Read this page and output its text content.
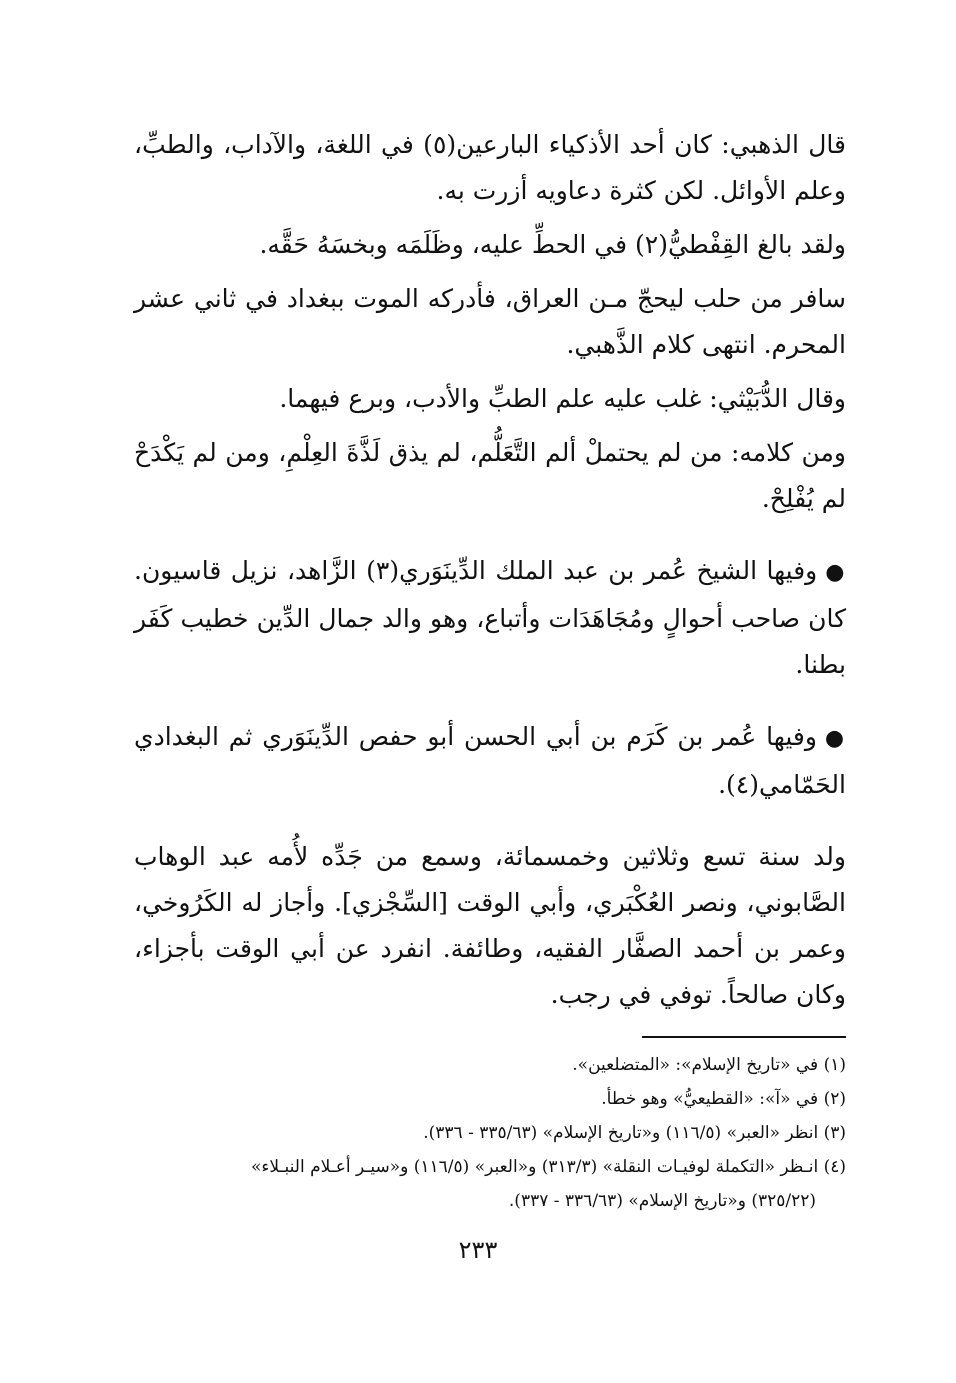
قال الذهبي: كان أحد الأذكياء البارعين(٥) في اللغة، والآداب، والطبِّ، وعلم الأوائل. لكن كثرة دعاويه أزرت به.

ولقد بالغ القِفْطيُّ(٢) في الحطِّ عليه، وظَلَمَه وبخسَهُ حَقَّه.

سافر من حلب ليحجّ مـن العراق، فأدركه الموت ببغداد في ثاني عشر المحرم. انتهى كلام الذَّهبي.

وقال الدُّبَيْثي: غلب عليه علم الطبِّ والأدب، وبرع فيهما.

ومن كلامه: من لم يحتملْ ألم التَّعَلُّم، لم يذق لَذَّةَ العِلْمِ، ومن لم يَكْدَحْ لم يُفْلِحْ.

●وفيها الشيخ عُمر بن عبد الملك الدِّينَوَري(٣) الزَّاهد، نزيل قاسيون. كان صاحب أحوالٍ ومُجَاهَدَات وأتباع، وهو والد جمال الدِّين خطيب كَفَر بطنا.

●وفيها عُمر بن كَرَم بن أبي الحسن أبو حفص الدِّينَوَري ثم البغدادي الحَمّامي(٤).

ولد سنة تسع وثلاثين وخمسمائة، وسمع من جَدِّه لأُمه عبد الوهاب الصَّابوني، ونصر العُكْبَري، وأبي الوقت [السِّجْزي]. وأجاز له الكَرُوخي، وعمر بن أحمد الصفَّار الفقيه، وطائفة. انفرد عن أبي الوقت بأجزاء، وكان صالحاً. توفي في رجب.

(١) في «تاريخ الإسلام»: «المتضلعين».

(٢) في «آ»: «القطيعيُّ» وهو خطأ.

(٣) انظر «العبر» (١١٦/٥) و«تاريخ الإسلام» (٣٣٥/٦٣ - ٣٣٦).

(٤) انـظر «التكملة لوفيـات النقلة» (٣١٣/٣) و«العبر» (١١٦/٥) و«سيـر أعـلام النبـلاء»

(٣٢٥/٢٢) و«تاريخ الإسلام» (٣٣٦/٦٣ - ٣٣٧).

٢٣٣
